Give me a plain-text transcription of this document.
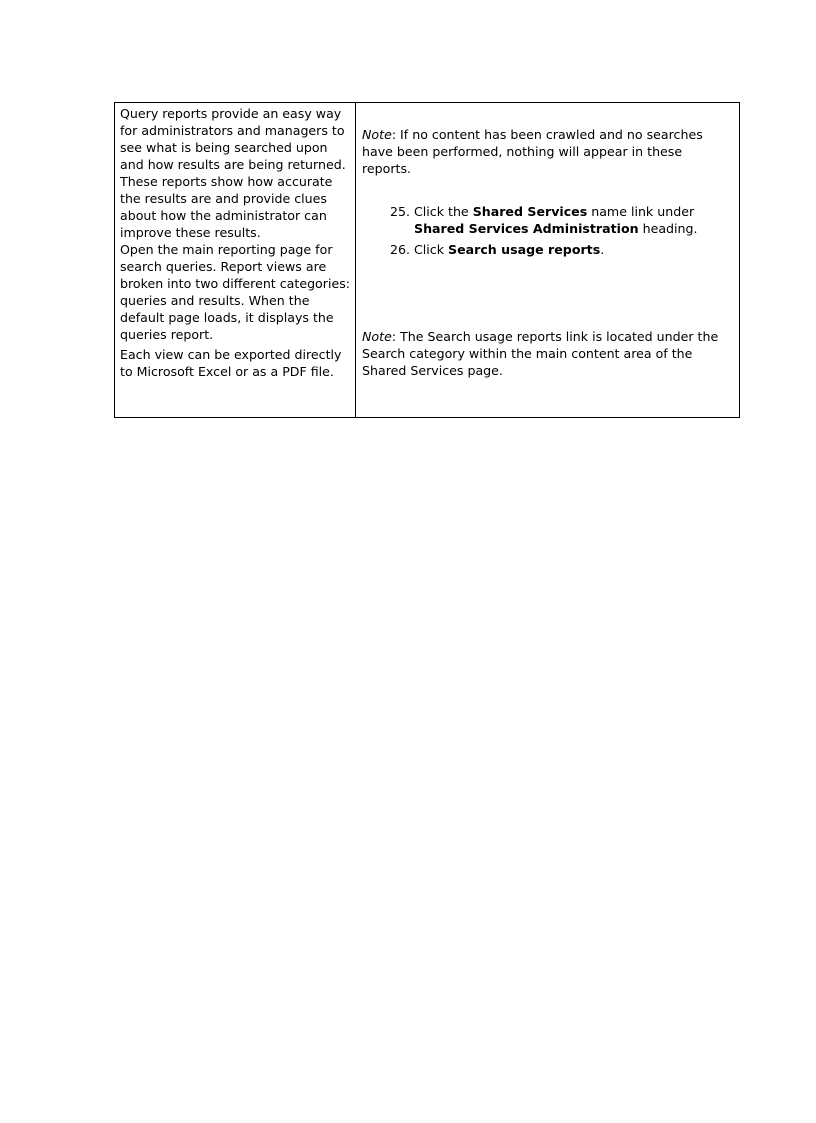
Query reports provide an easy way for administrators and managers to see what is being searched upon and how results are being returned. These reports show how accurate the results are and provide clues about how the administrator can improve these results.

Open the main reporting page for search queries. Report views are broken into two different categories: queries and results. When the default page loads, it displays the queries report.

Each view can be exported directly to Microsoft Excel or as a PDF file.

Note: If no content has been crawled and no searches have been performed, nothing will appear in these reports.

25. Click the Shared Services name link under Shared Services Administration heading.
26. Click Search usage reports.

Note: The Search usage reports link is located under the Search category within the main content area of the Shared Services page.
